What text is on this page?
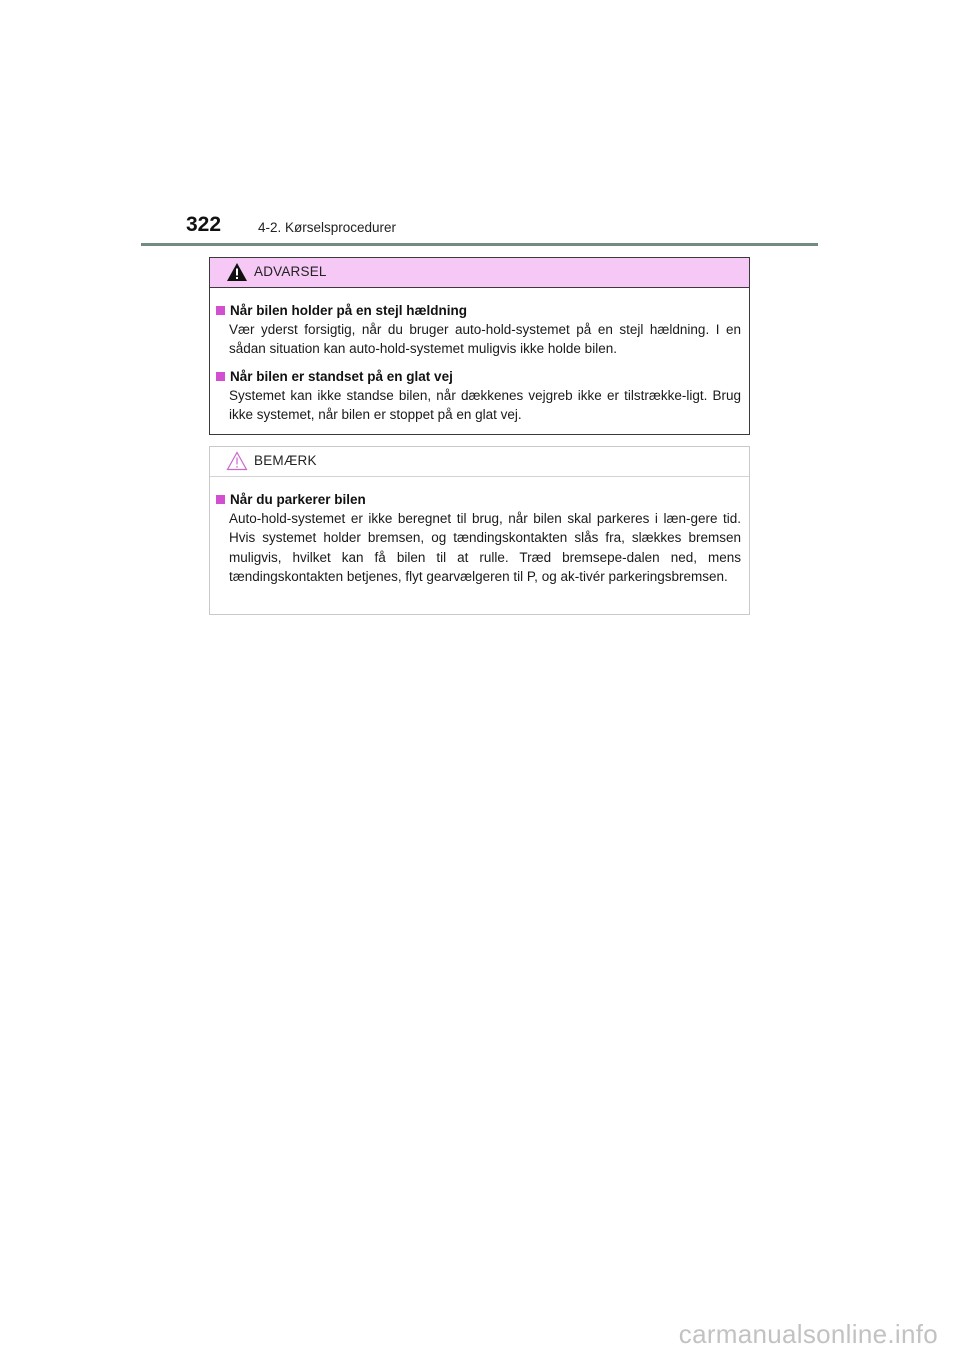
322	4-2. Kørselsprocedurer
ADVARSEL
Når bilen holder på en stejl hældning
Vær yderst forsigtig, når du bruger auto-hold-systemet på en stejl hældning. I en sådan situation kan auto-hold-systemet muligvis ikke holde bilen.
Når bilen er standset på en glat vej
Systemet kan ikke standse bilen, når dækkenes vejgreb ikke er tilstrække-ligt. Brug ikke systemet, når bilen er stoppet på en glat vej.
BEMÆRK
Når du parkerer bilen
Auto-hold-systemet er ikke beregnet til brug, når bilen skal parkeres i læn-gere tid. Hvis systemet holder bremsen, og tændingskontakten slås fra, slækkes bremsen muligvis, hvilket kan få bilen til at rulle. Træd bremsepe-dalen ned, mens tændingskontakten betjenes, flyt gearvælgeren til P, og ak-tivér parkeringsbremsen.
carmanualsonline.info
